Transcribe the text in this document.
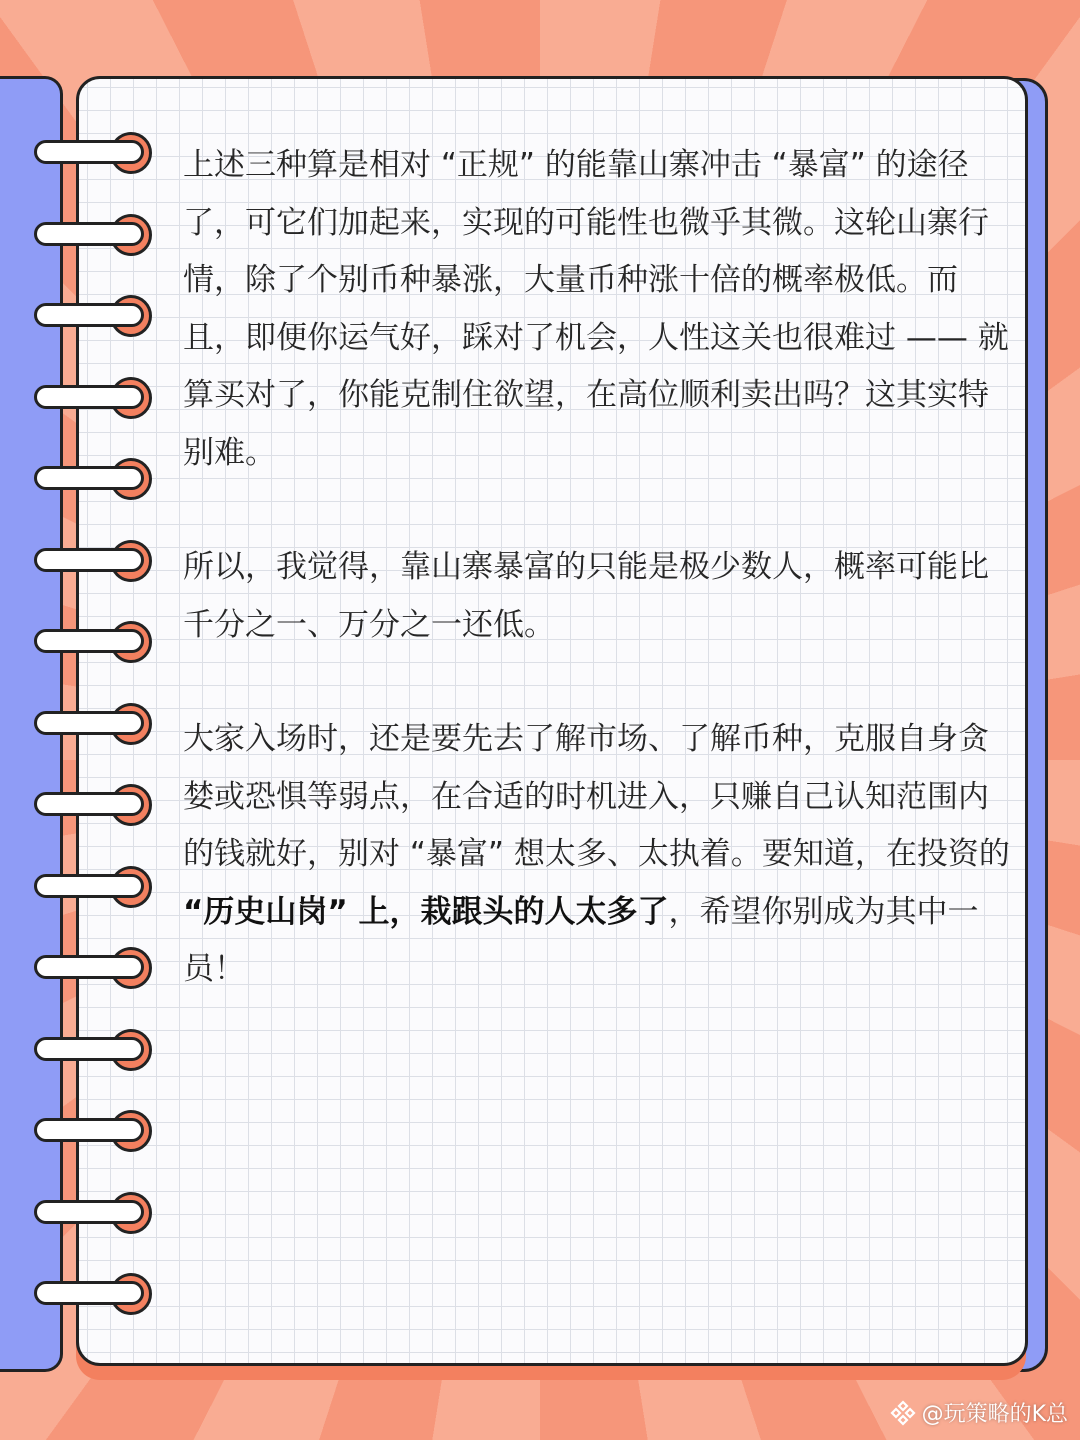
上述三种算是相对 “正规” 的能靠山寨冲击 “暴富” 的途径了，可它们加起来，实现的可能性也微乎其微。这轮山寨行情，除了个别币种暴涨，大量币种涨十倍的概率极低。而且，即便你运气好，踩对了机会，人性这关也很难过 —— 就算买对了，你能克制住欲望，在高位顺利卖出吗？这其实特别难。

所以，我觉得，靠山寨暴富的只能是极少数人，概率可能比千分之一、万分之一还低。

大家入场时，还是要先去了解市场、了解币种，克服自身贪婪或恐惧等弱点，在合适的时机进入，只赚自己认知范围内的钱就好，别对 “暴富” 想太多、太执着。要知道，在投资的 “历史山岗” 上，栽跟头的人太多了，希望你别成为其中一员！

@玩策略的K总
